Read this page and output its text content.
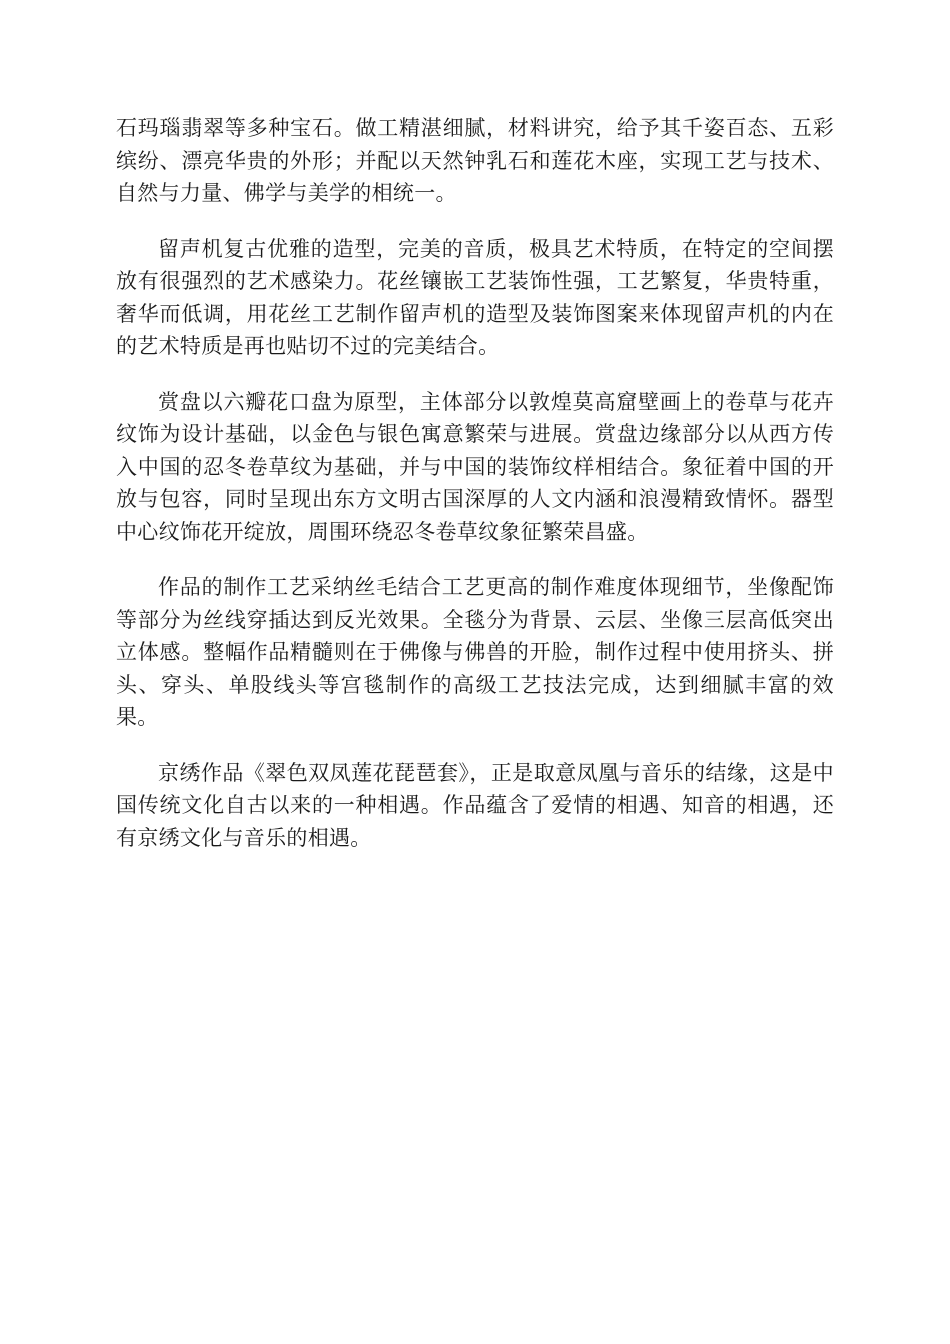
石玛瑙翡翠等多种宝石。做工精湛细腻，材料讲究，给予其千姿百态、五彩缤纷、漂亮华贵的外形；并配以天然钟乳石和莲花木座，实现工艺与技术、自然与力量、佛学与美学的相统一。

留声机复古优雅的造型，完美的音质，极具艺术特质，在特定的空间摆放有很强烈的艺术感染力。花丝镶嵌工艺装饰性强，工艺繁复，华贵特重，奢华而低调，用花丝工艺制作留声机的造型及装饰图案来体现留声机的内在的艺术特质是再也贴切不过的完美结合。

赏盘以六瓣花口盘为原型，主体部分以敦煌莫高窟壁画上的卷草与花卉纹饰为设计基础，以金色与银色寓意繁荣与进展。赏盘边缘部分以从西方传入中国的忍冬卷草纹为基础，并与中国的装饰纹样相结合。象征着中国的开放与包容，同时呈现出东方文明古国深厚的人文内涵和浪漫精致情怀。器型中心纹饰花开绽放，周围环绕忍冬卷草纹象征繁荣昌盛。

作品的制作工艺采纳丝毛结合工艺更高的制作难度体现细节，坐像配饰等部分为丝线穿插达到反光效果。全毯分为背景、云层、坐像三层高低突出立体感。整幅作品精髓则在于佛像与佛兽的开脸，制作过程中使用挤头、拼头、穿头、单股线头等宫毯制作的高级工艺技法完成，达到细腻丰富的效果。

京绣作品《翠色双凤莲花琵琶套》，正是取意凤凰与音乐的结缘，这是中国传统文化自古以来的一种相遇。作品蕴含了爱情的相遇、知音的相遇，还有京绣文化与音乐的相遇。
